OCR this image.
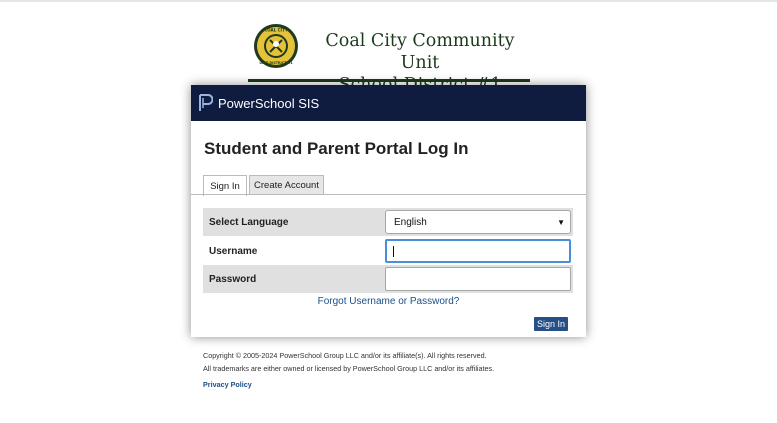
COAL CITY
UNIT DISTRICT #1
Coal City Community Unit
PowerSchool SIS
Student and Parent Portal Log In
Sign In	Create Account
Select Language	English	▼
Username
Password
Forgot Username or Password?
Sign In
Copyright © 2005-2024 PowerSchool Group LLC and/or its affiliate(s). All rights reserved.
All trademarks are either owned or licensed by PowerSchool Group LLC and/or its affiliates.
Privacy Policy
